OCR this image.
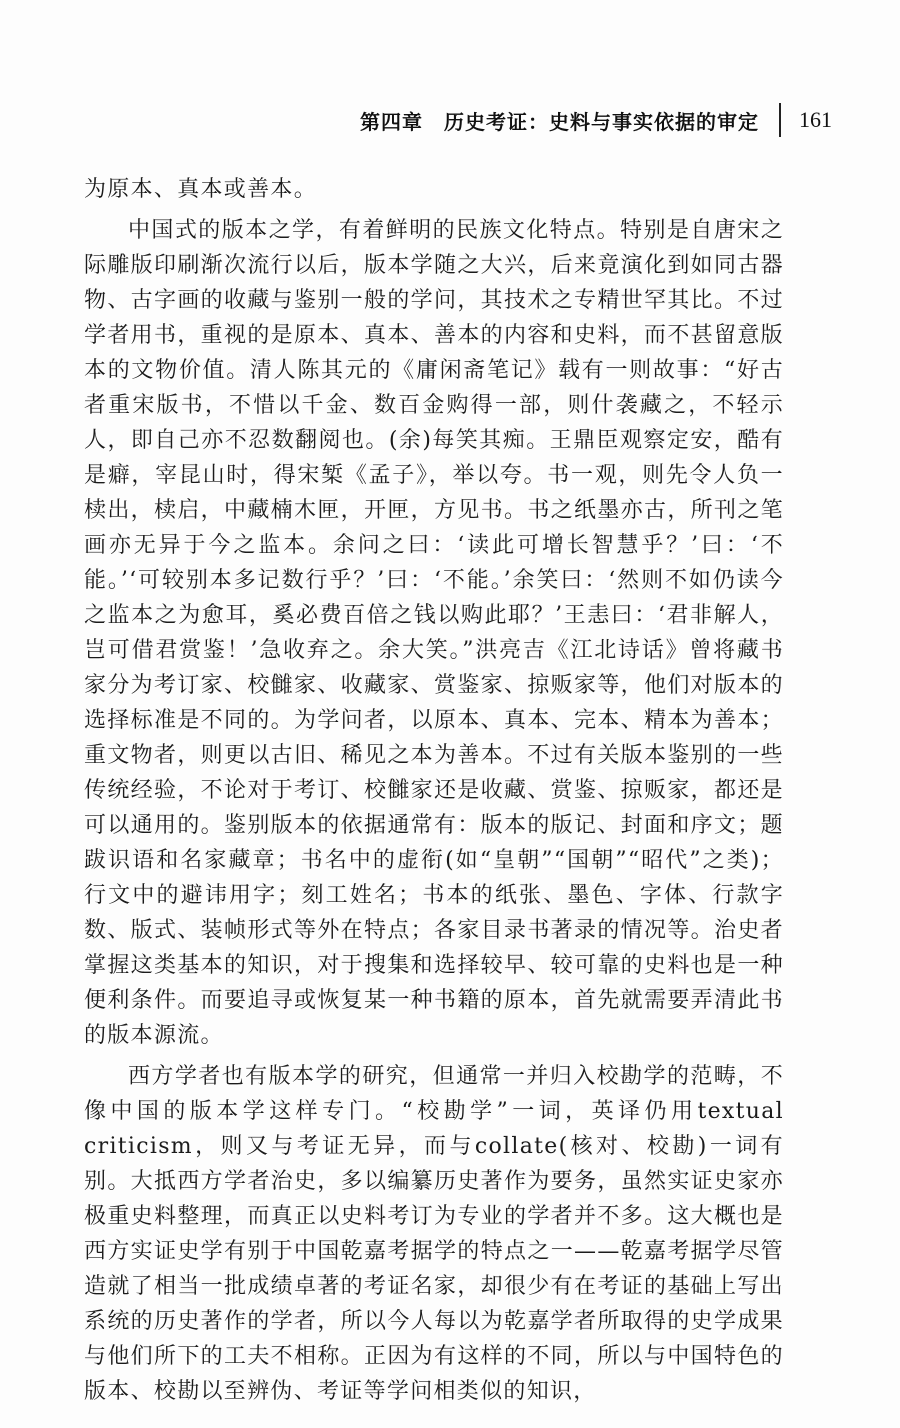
第四章　历史考证：史料与事实依据的审定 161

为原本、真本或善本。

中国式的版本之学，有着鲜明的民族文化特点。特别是自唐宋之际雕版印刷渐次流行以后，版本学随之大兴，后来竟演化到如同古器物、古字画的收藏与鉴别一般的学问，其技术之专精世罕其比。不过学者用书，重视的是原本、真本、善本的内容和史料，而不甚留意版本的文物价值。清人陈其元的《庸闲斋笔记》载有一则故事：“好古者重宋版书，不惜以千金、数百金购得一部，则什袭藏之，不轻示人，即自己亦不忍数翻阅也。(余)每笑其痴。王鼎臣观察定安，酷有是癖，宰昆山时，得宋椠《孟子》，举以夸。书一观，则先令人负一椟出，椟启，中藏楠木匣，开匣，方见书。书之纸墨亦古，所刊之笔画亦无异于今之监本。余问之曰：‘读此可增长智慧乎？’曰：‘不能。’‘可较别本多记数行乎？’曰：‘不能。’余笑曰：‘然则不如仍读今之监本之为愈耳，奚必费百倍之钱以购此耶？’王恚曰：‘君非解人，岂可借君赏鉴！’急收弃之。余大笑。”洪亮吉《江北诗话》曾将藏书家分为考订家、校雠家、收藏家、赏鉴家、掠贩家等，他们对版本的选择标准是不同的。为学问者，以原本、真本、完本、精本为善本；重文物者，则更以古旧、稀见之本为善本。不过有关版本鉴别的一些传统经验，不论对于考订、校雠家还是收藏、赏鉴、掠贩家，都还是可以通用的。鉴别版本的依据通常有：版本的版记、封面和序文；题跋识语和名家藏章；书名中的虚衔(如“皇朝”“国朝”“昭代”之类)；行文中的避讳用字；刻工姓名；书本的纸张、墨色、字体、行款字数、版式、装帧形式等外在特点；各家目录书著录的情况等。治史者掌握这类基本的知识，对于搜集和选择较早、较可靠的史料也是一种便利条件。而要追寻或恢复某一种书籍的原本，首先就需要弄清此书的版本源流。

西方学者也有版本学的研究，但通常一并归入校勘学的范畴，不像中国的版本学这样专门。“校勘学”一词，英译仍用textual criticism，则又与考证无异，而与collate(核对、校勘)一词有别。大抵西方学者治史，多以编纂历史著作为要务，虽然实证史家亦极重史料整理，而真正以史料考订为专业的学者并不多。这大概也是西方实证史学有别于中国乾嘉考据学的特点之一——乾嘉考据学尽管造就了相当一批成绩卓著的考证名家，却很少有在考证的基础上写出系统的历史著作的学者，所以今人每以为乾嘉学者所取得的史学成果与他们所下的工夫不相称。正因为有这样的不同，所以与中国特色的版本、校勘以至辨伪、考证等学问相类似的知识，
